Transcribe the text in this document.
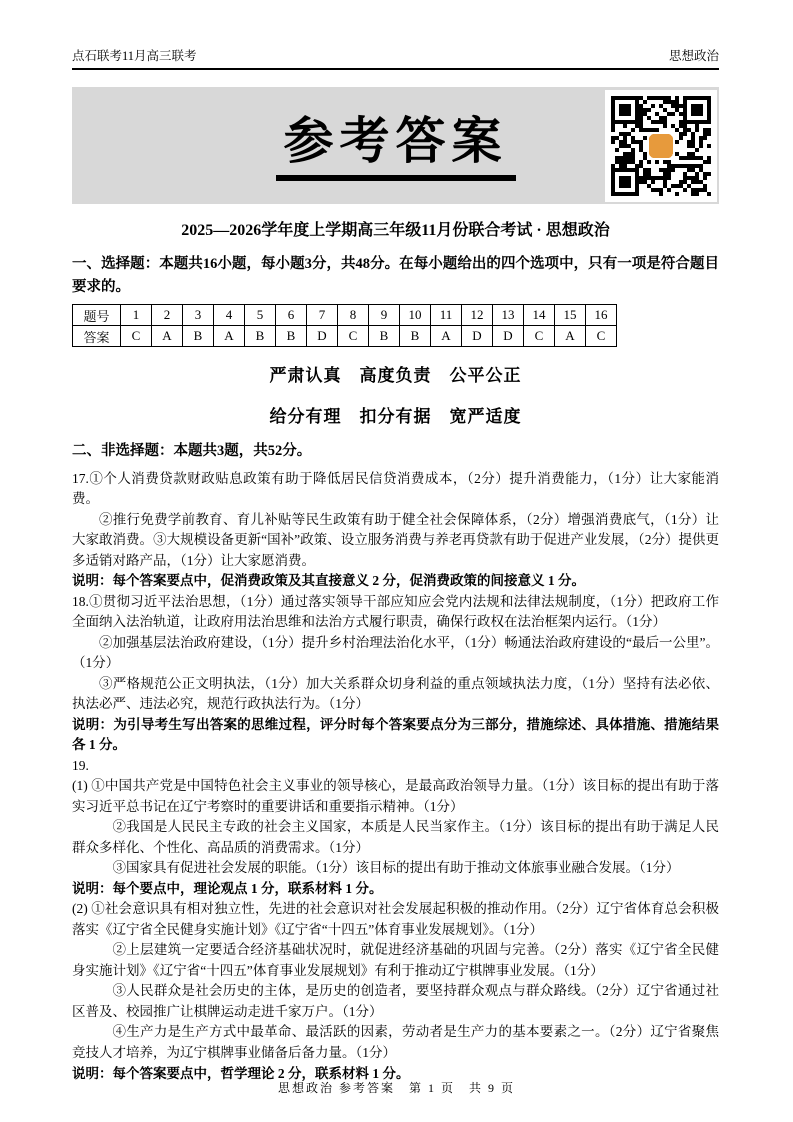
点石联考11月高三联考	思想政治
参考答案
2025—2026学年度上学期高三年级11月份联合考试 · 思想政治
一、选择题：本题共16小题，每小题3分，共48分。在每小题给出的四个选项中，只有一项是符合题目要求的。
题号	1	2	3	4	5	6	7	8	9	10	11	12	13	14	15	16
答案	C	A	B	A	B	B	D	C	B	B	A	D	D	C	A	C
严肃认真　高度负责　公平公正
给分有理　扣分有据　宽严适度
二、非选择题：本题共3题，共52分。

17.①个人消费贷款财政贴息政策有助于降低居民信贷消费成本，（2分）提升消费能力，（1分）让大家能消费。

②推行免费学前教育、育儿补贴等民生政策有助于健全社会保障体系，（2分）增强消费底气，（1分）让大家敢消费。③大规模设备更新“国补”政策、设立服务消费与养老再贷款有助于促进产业发展，（2分）提供更多适销对路产品，（1分）让大家愿消费。

说明：每个答案要点中，促消费政策及其直接意义 2 分，促消费政策的间接意义 1 分。

18.①贯彻习近平法治思想，（1分）通过落实领导干部应知应会党内法规和法律法规制度，（1分）把政府工作全面纳入法治轨道，让政府用法治思维和法治方式履行职责，确保行政权在法治框架内运行。（1分）

②加强基层法治政府建设，（1分）提升乡村治理法治化水平，（1分）畅通法治政府建设的“最后一公里”。（1分）

③严格规范公正文明执法，（1分）加大关系群众切身利益的重点领域执法力度，（1分）坚持有法必依、执法必严、违法必究，规范行政执法行为。（1分）

说明：为引导考生写出答案的思维过程，评分时每个答案要点分为三部分，措施综述、具体措施、措施结果各 1 分。

19.

(1) ①中国共产党是中国特色社会主义事业的领导核心，是最高政治领导力量。（1分）该目标的提出有助于落实习近平总书记在辽宁考察时的重要讲话和重要指示精神。（1分）

②我国是人民民主专政的社会主义国家，本质是人民当家作主。（1分）该目标的提出有助于满足人民群众多样化、个性化、高品质的消费需求。（1分）

③国家具有促进社会发展的职能。（1分）该目标的提出有助于推动文体旅事业融合发展。（1分）

说明：每个要点中，理论观点 1 分，联系材料 1 分。

(2) ①社会意识具有相对独立性，先进的社会意识对社会发展起积极的推动作用。（2分）辽宁省体育总会积极落实《辽宁省全民健身实施计划》《辽宁省“十四五”体育事业发展规划》。（1分）

②上层建筑一定要适合经济基础状况时，就促进经济基础的巩固与完善。（2分）落实《辽宁省全民健身实施计划》《辽宁省“十四五”体育事业发展规划》有利于推动辽宁棋牌事业发展。（1分）

③人民群众是社会历史的主体，是历史的创造者，要坚持群众观点与群众路线。（2分）辽宁省通过社区普及、校园推广让棋牌运动走进千家万户。（1分）

④生产力是生产方式中最革命、最活跃的因素，劳动者是生产力的基本要素之一。（2分）辽宁省聚焦竞技人才培养，为辽宁棋牌事业储备后备力量。（1分）

说明：每个答案要点中，哲学理论 2 分，联系材料 1 分。

思想政治 参考答案　第 1 页　共 9 页
